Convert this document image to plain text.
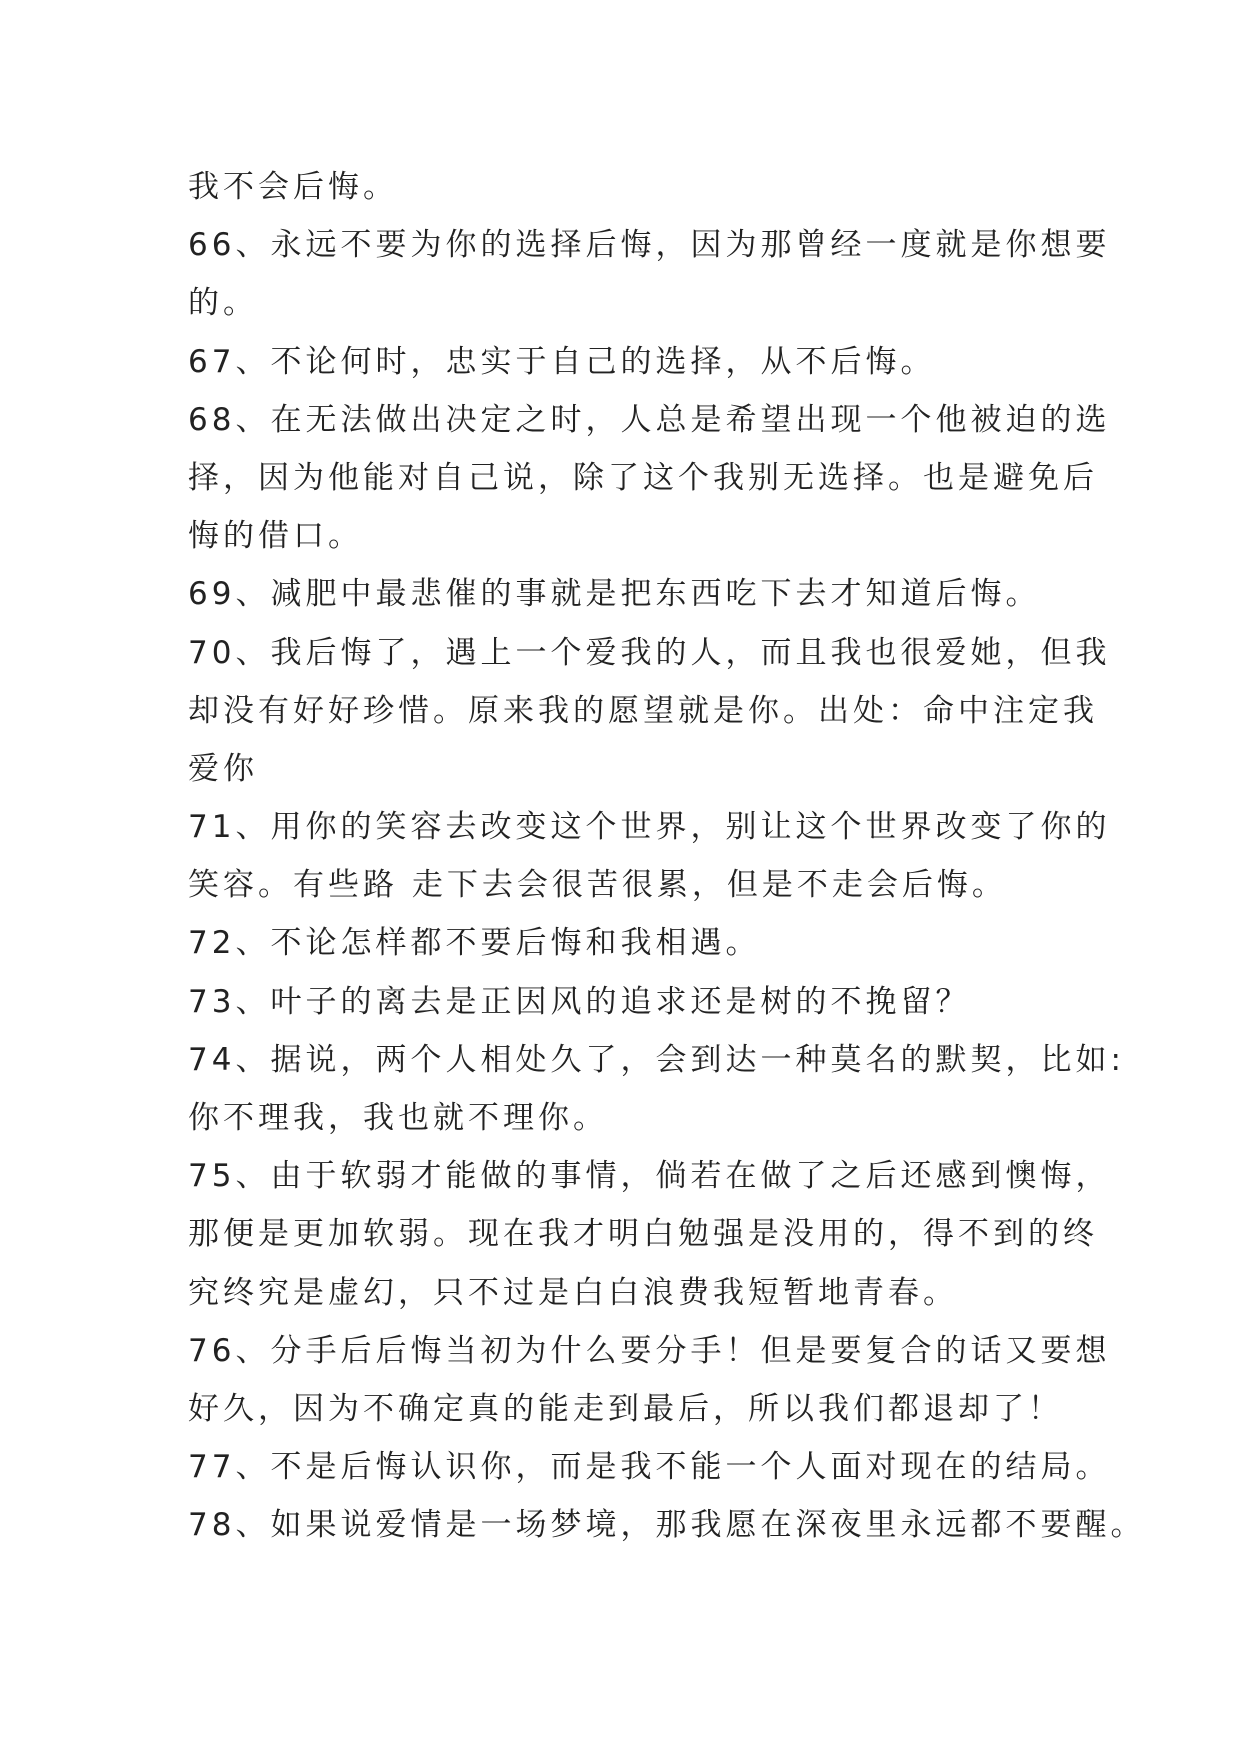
我不会后悔。
66、永远不要为你的选择后悔，因为那曾经一度就是你想要
的。
67、不论何时，忠实于自己的选择，从不后悔。
68、在无法做出决定之时，人总是希望出现一个他被迫的选
择，因为他能对自己说，除了这个我别无选择。也是避免后
悔的借口。
69、减肥中最悲催的事就是把东西吃下去才知道后悔。
70、我后悔了，遇上一个爱我的人，而且我也很爱她，但我
却没有好好珍惜。原来我的愿望就是你。出处：命中注定我
爱你
71、用你的笑容去改变这个世界，别让这个世界改变了你的
笑容。有些路 走下去会很苦很累，但是不走会后悔。
72、不论怎样都不要后悔和我相遇。
73、叶子的离去是正因风的追求还是树的不挽留？
74、据说，两个人相处久了，会到达一种莫名的默契，比如:
你不理我，我也就不理你。
75、由于软弱才能做的事情，倘若在做了之后还感到懊悔，
那便是更加软弱。现在我才明白勉强是没用的，得不到的终
究终究是虚幻，只不过是白白浪费我短暂地青春。
76、分手后后悔当初为什么要分手！但是要复合的话又要想
好久，因为不确定真的能走到最后，所以我们都退却了！
77、不是后悔认识你，而是我不能一个人面对现在的结局。
78、如果说爱情是一场梦境，那我愿在深夜里永远都不要醒。
